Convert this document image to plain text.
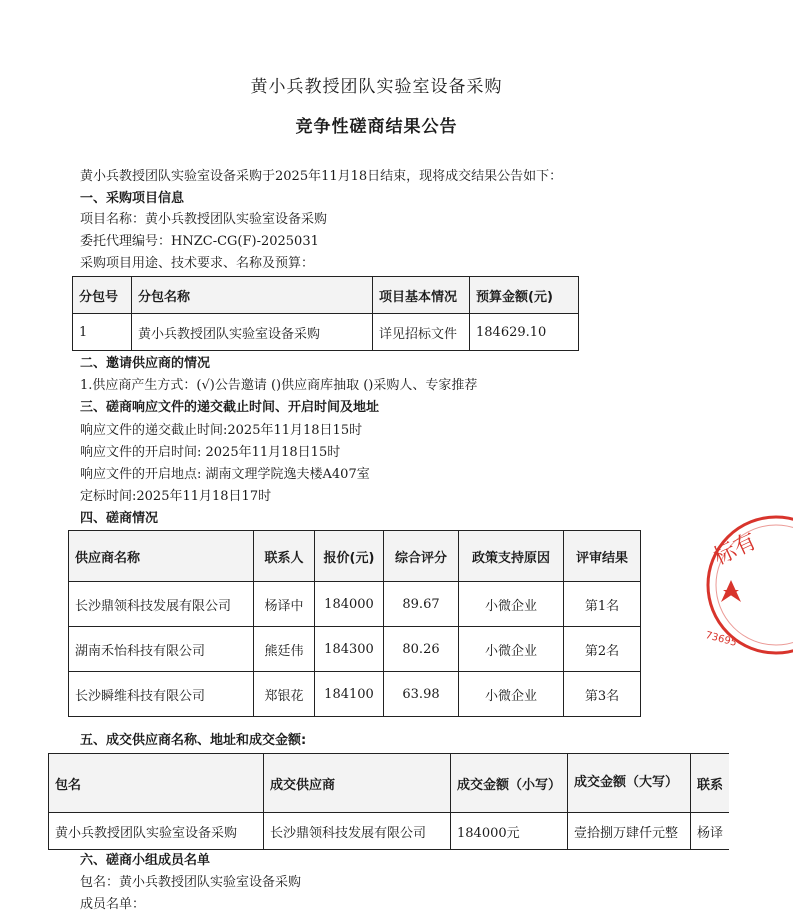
黄小兵教授团队实验室设备采购
竞争性磋商结果公告
黄小兵教授团队实验室设备采购于2025年11月18日结束，现将成交结果公告如下：
一、采购项目信息
项目名称：黄小兵教授团队实验室设备采购
委托代理编号：HNZC-CG(F)-2025031
采购项目用途、技术要求、名称及预算：
分包号	分包名称	项目基本情况	预算金额(元)
1	黄小兵教授团队实验室设备采购	详见招标文件	184629.10
二、邀请供应商的情况
1.供应商产生方式：(√)公告邀请 ()供应商库抽取 ()采购人、专家推荐
三、磋商响应文件的递交截止时间、开启时间及地址
响应文件的递交截止时间:2025年11月18日15时
响应文件的开启时间: 2025年11月18日15时
响应文件的开启地点: 湖南文理学院逸夫楼A407室
定标时间:2025年11月18日17时
四、磋商情况
供应商名称	联系人	报价(元)	综合评分	政策支持原因	评审结果
长沙鼎领科技发展有限公司	杨译中	184000	89.67	小微企业	第1名
湖南禾怡科技有限公司	熊廷伟	184300	80.26	小微企业	第2名
长沙瞬维科技有限公司	郑银花	184100	63.98	小微企业	第3名
五、成交供应商名称、地址和成交金额:
包名	成交供应商	成交金额（小写）	成交金额（大写）	联系
黄小兵教授团队实验室设备采购	长沙鼎领科技发展有限公司	184000元	壹拾捌万肆仟元整	杨译
六、磋商小组成员名单
包名：黄小兵教授团队实验室设备采购
成员名单：
标有
73695
